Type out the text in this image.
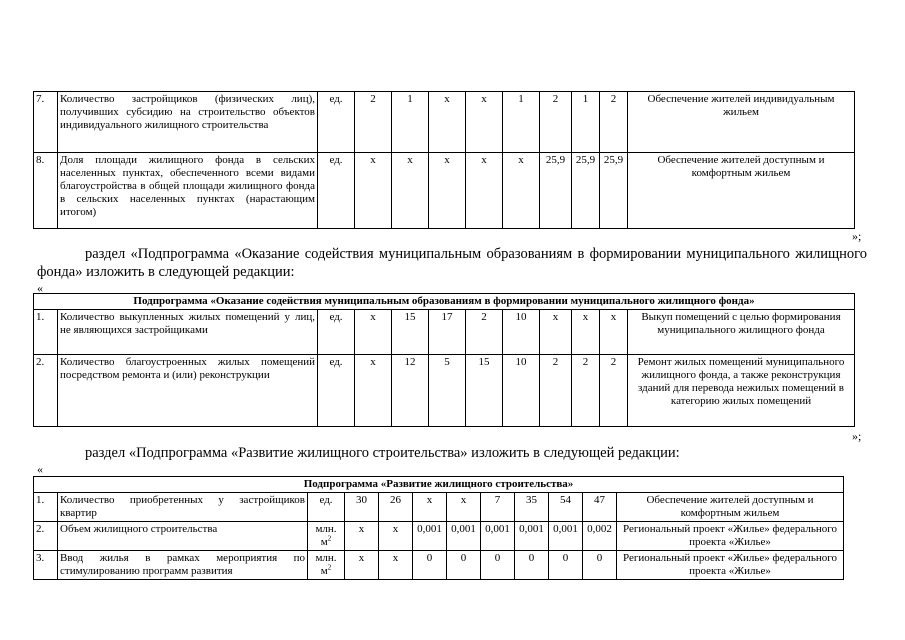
7.	Количество застройщиков (физических лиц), получивших субсидию на строительство объектов индивидуального жилищного строительства	ед.	2	1	х	х	1	2	1	2	Обеспечение жителей индивидуальным жильем
8.	Доля площади жилищного фонда в сельских населенных пунктах, обеспеченного всеми видами благоустройства в общей площади жилищного фонда в сельских населенных пунктах (нарастающим итогом)	ед.	х	х	х	х	х	25,9	25,9	25,9	Обеспечение жителей доступным и комфортным жильем
»;
раздел «Подпрограмма «Оказание содействия муниципальным образованиям в формировании муниципального жилищного фонда» изложить в следующей редакции:
«
Подпрограмма «Оказание содействия муниципальным образованиям в формировании муниципального жилищного фонда»											
1.	Количество выкупленных жилых помещений у лиц, не являющихся застройщиками	ед.	х	15	17	2	10	х	х	х	Выкуп помещений с целью формирования муниципального жилищного фонда
2.	Количество благоустроенных жилых помещений посредством ремонта и (или) реконструкции	ед.	х	12	5	15	10	2	2	2	Ремонт жилых помещений муниципального жилищного фонда, а также реконструкция зданий для перевода нежилых помещений в категорию жилых помещений
»;
раздел «Подпрограмма «Развитие жилищного строительства» изложить в следующей редакции:
«
Подпрограмма «Развитие жилищного строительства»											
1.	Количество приобретенных у застройщиков квартир	ед.	30	26	х	х	7	35	54	47	Обеспечение жителей доступным и комфортным жильем
2.	Объем жилищного строительства	млн. $м^2$	х	х	0,001	0,001	0,001	0,001	0,001	0,002	Региональный проект «Жилье» федерального проекта «Жилье»
3.	Ввод жилья в рамках мероприятия по стимулированию программ развития	млн. $м^2$	х	х	0	0	0	0	0	0	Региональный проект «Жилье» федерального проекта «Жилье»
